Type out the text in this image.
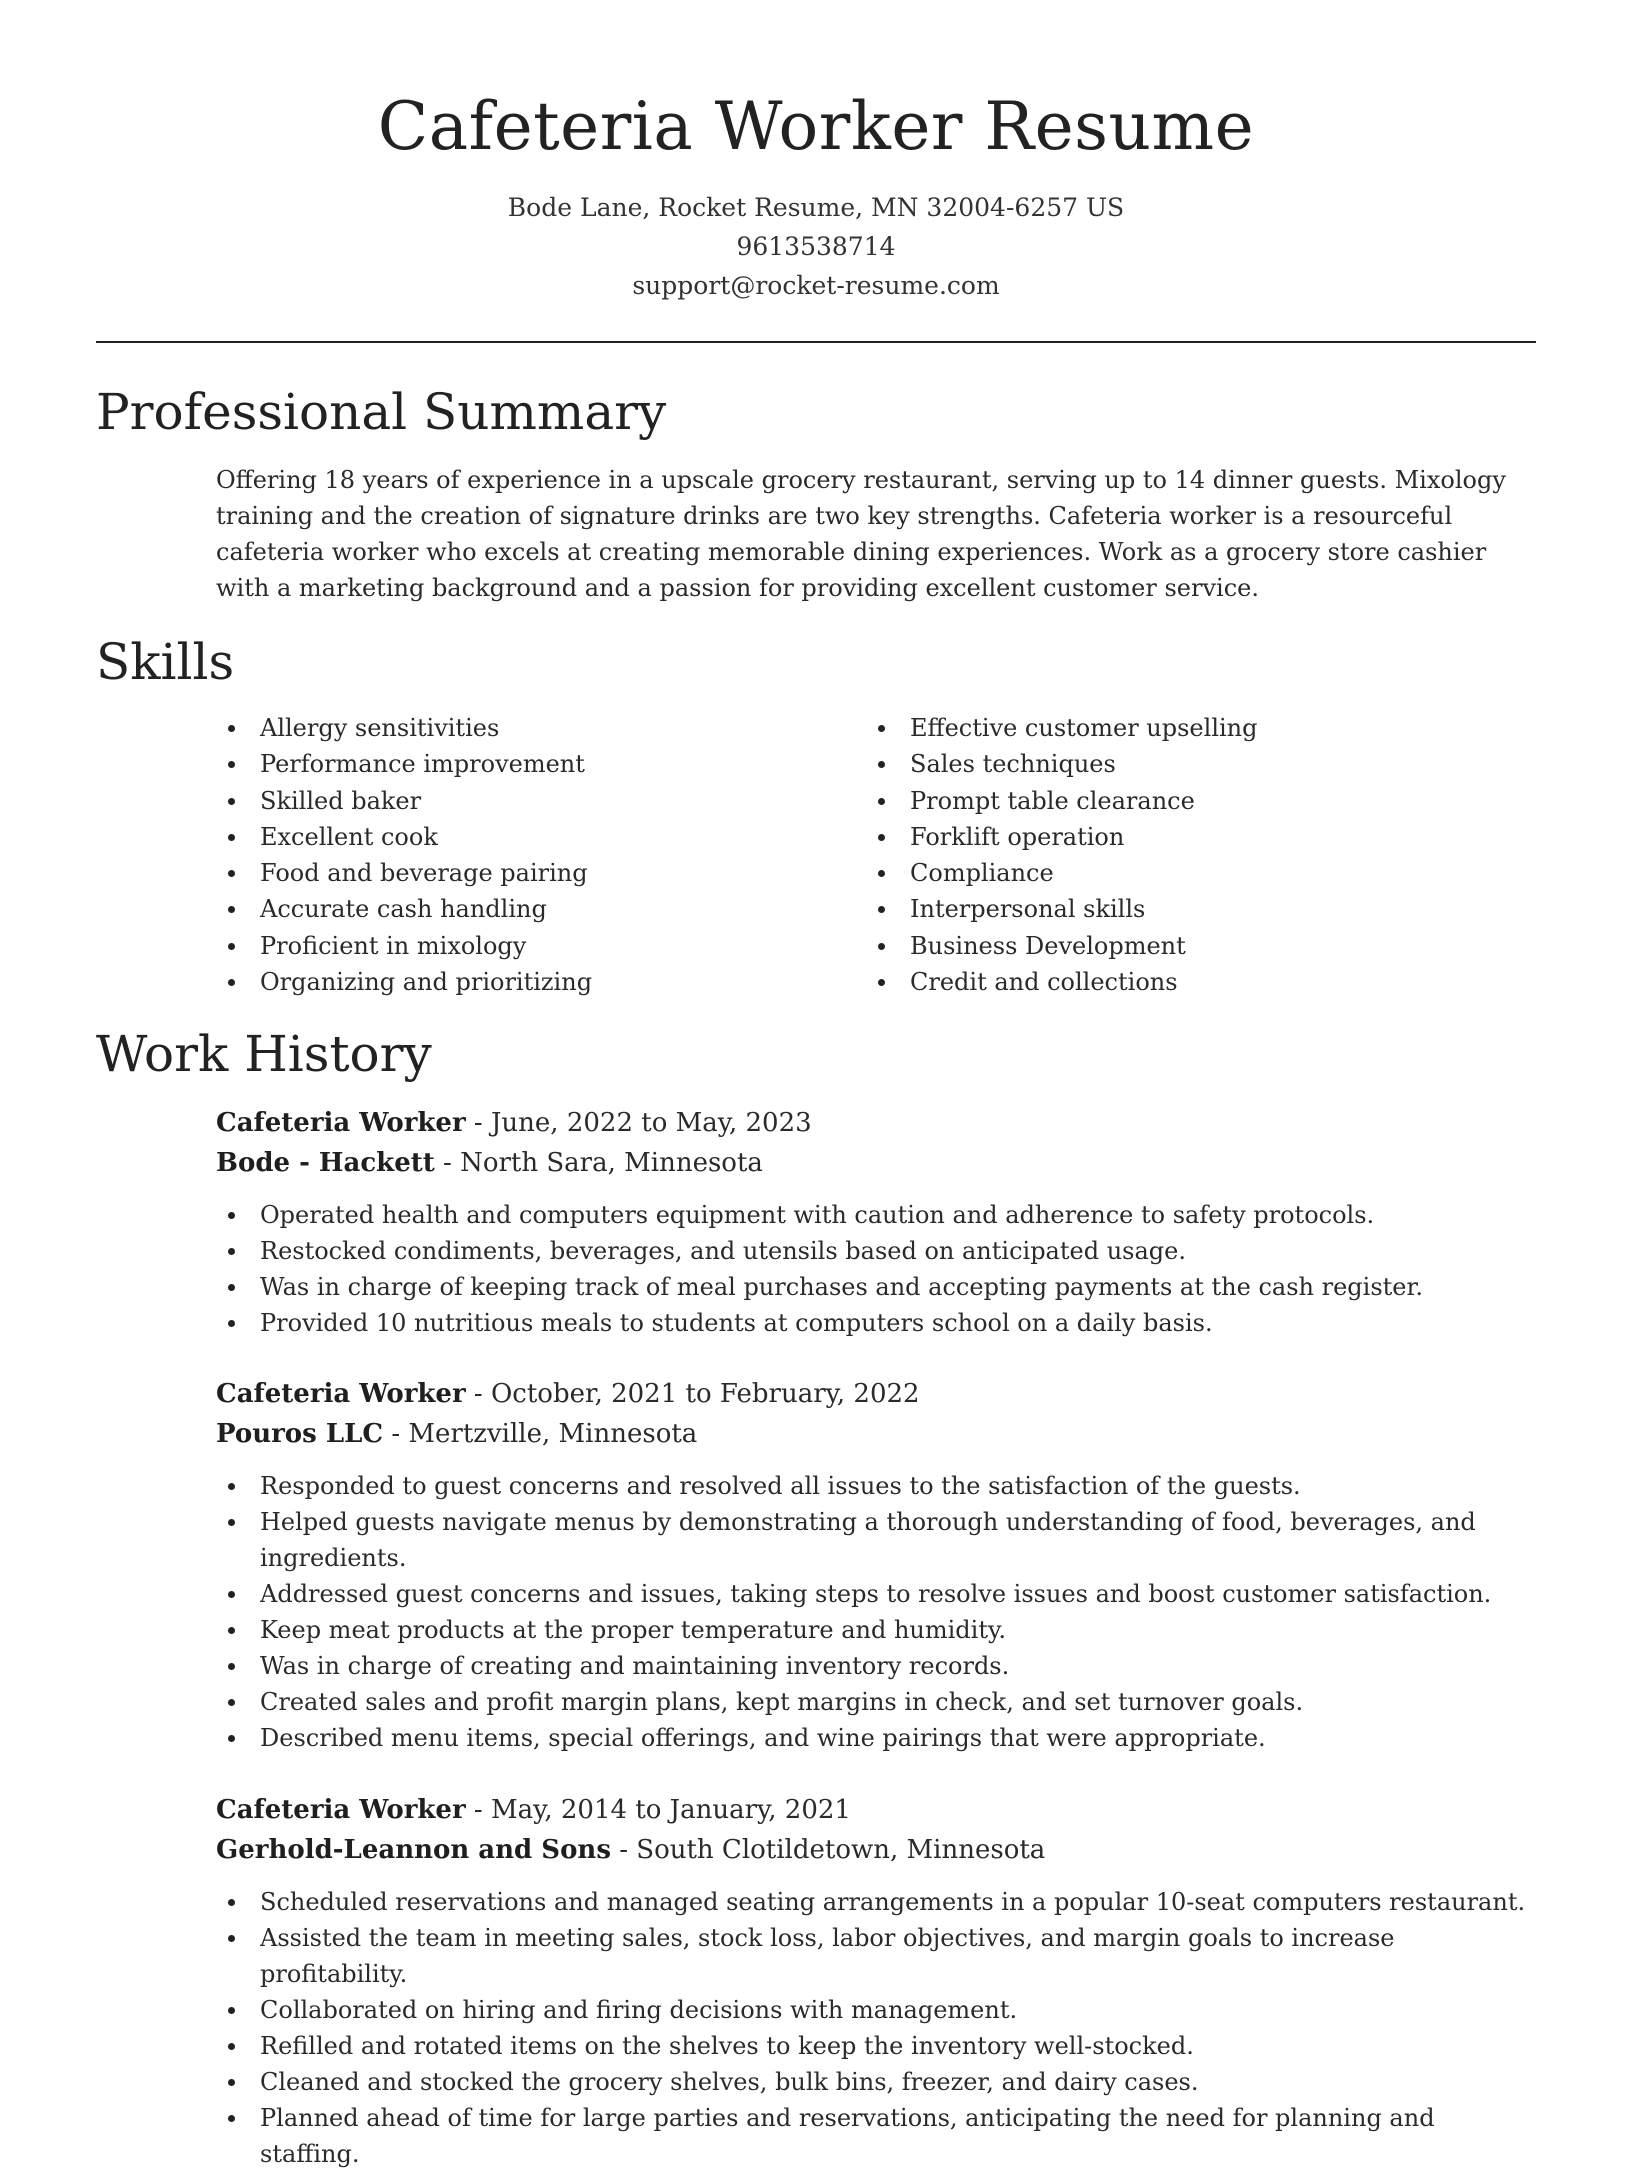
Cafeteria Worker Resume
Bode Lane, Rocket Resume, MN 32004-6257 US
9613538714
support@rocket-resume.com
Professional Summary

Offering 18 years of experience in a upscale grocery restaurant, serving up to 14 dinner guests. Mixology training and the creation of signature drinks are two key strengths. Cafeteria worker is a resourceful cafeteria worker who excels at creating memorable dining experiences. Work as a grocery store cashier with a marketing background and a passion for providing excellent customer service.

Skills
Allergy sensitivities
Performance improvement
Skilled baker
Excellent cook
Food and beverage pairing
Accurate cash handling
Proficient in mixology
Organizing and prioritizing
Effective customer upselling
Sales techniques
Prompt table clearance
Forklift operation
Compliance
Interpersonal skills
Business Development
Credit and collections
Work History
Cafeteria Worker - June, 2022 to May, 2023
Bode - Hackett - North Sara, Minnesota
Operated health and computers equipment with caution and adherence to safety protocols.
Restocked condiments, beverages, and utensils based on anticipated usage.
Was in charge of keeping track of meal purchases and accepting payments at the cash register.
Provided 10 nutritious meals to students at computers school on a daily basis.
Cafeteria Worker - October, 2021 to February, 2022
Pouros LLC - Mertzville, Minnesota
Responded to guest concerns and resolved all issues to the satisfaction of the guests.
Helped guests navigate menus by demonstrating a thorough understanding of food, beverages, and ingredients.
Addressed guest concerns and issues, taking steps to resolve issues and boost customer satisfaction.
Keep meat products at the proper temperature and humidity.
Was in charge of creating and maintaining inventory records.
Created sales and profit margin plans, kept margins in check, and set turnover goals.
Described menu items, special offerings, and wine pairings that were appropriate.
Cafeteria Worker - May, 2014 to January, 2021
Gerhold-Leannon and Sons - South Clotildetown, Minnesota
Scheduled reservations and managed seating arrangements in a popular 10-seat computers restaurant.
Assisted the team in meeting sales, stock loss, labor objectives, and margin goals to increase profitability.
Collaborated on hiring and firing decisions with management.
Refilled and rotated items on the shelves to keep the inventory well-stocked.
Cleaned and stocked the grocery shelves, bulk bins, freezer, and dairy cases.
Planned ahead of time for large parties and reservations, anticipating the need for planning and staffing.
